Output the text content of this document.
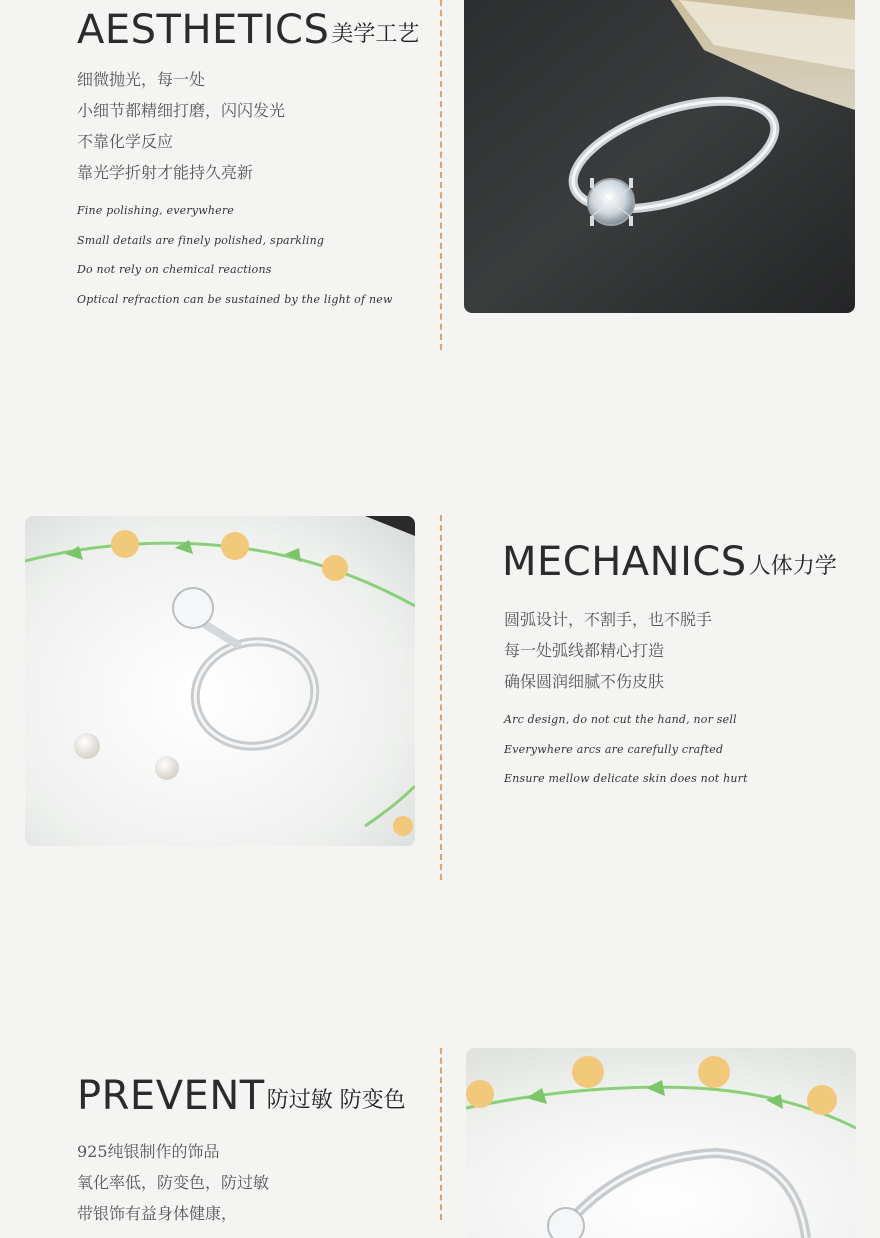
AESTHETICS美学工艺
细微抛光，每一处
小细节都精细打磨，闪闪发光
不靠化学反应
靠光学折射才能持久亮新
Fine polishing, everywhere
Small details are finely polished, sparkling
Do not rely on chemical reactions
Optical refraction can be sustained by the light of new
MECHANICS人体力学
圆弧设计，不割手，也不脱手
每一处弧线都精心打造
确保圆润细腻不伤皮肤
Arc design, do not cut the hand, nor sell
Everywhere arcs are carefully crafted
Ensure mellow delicate skin does not hurt
PREVENT防过敏 防变色
925纯银制作的饰品
氧化率低，防变色，防过敏
带银饰有益身体健康，
